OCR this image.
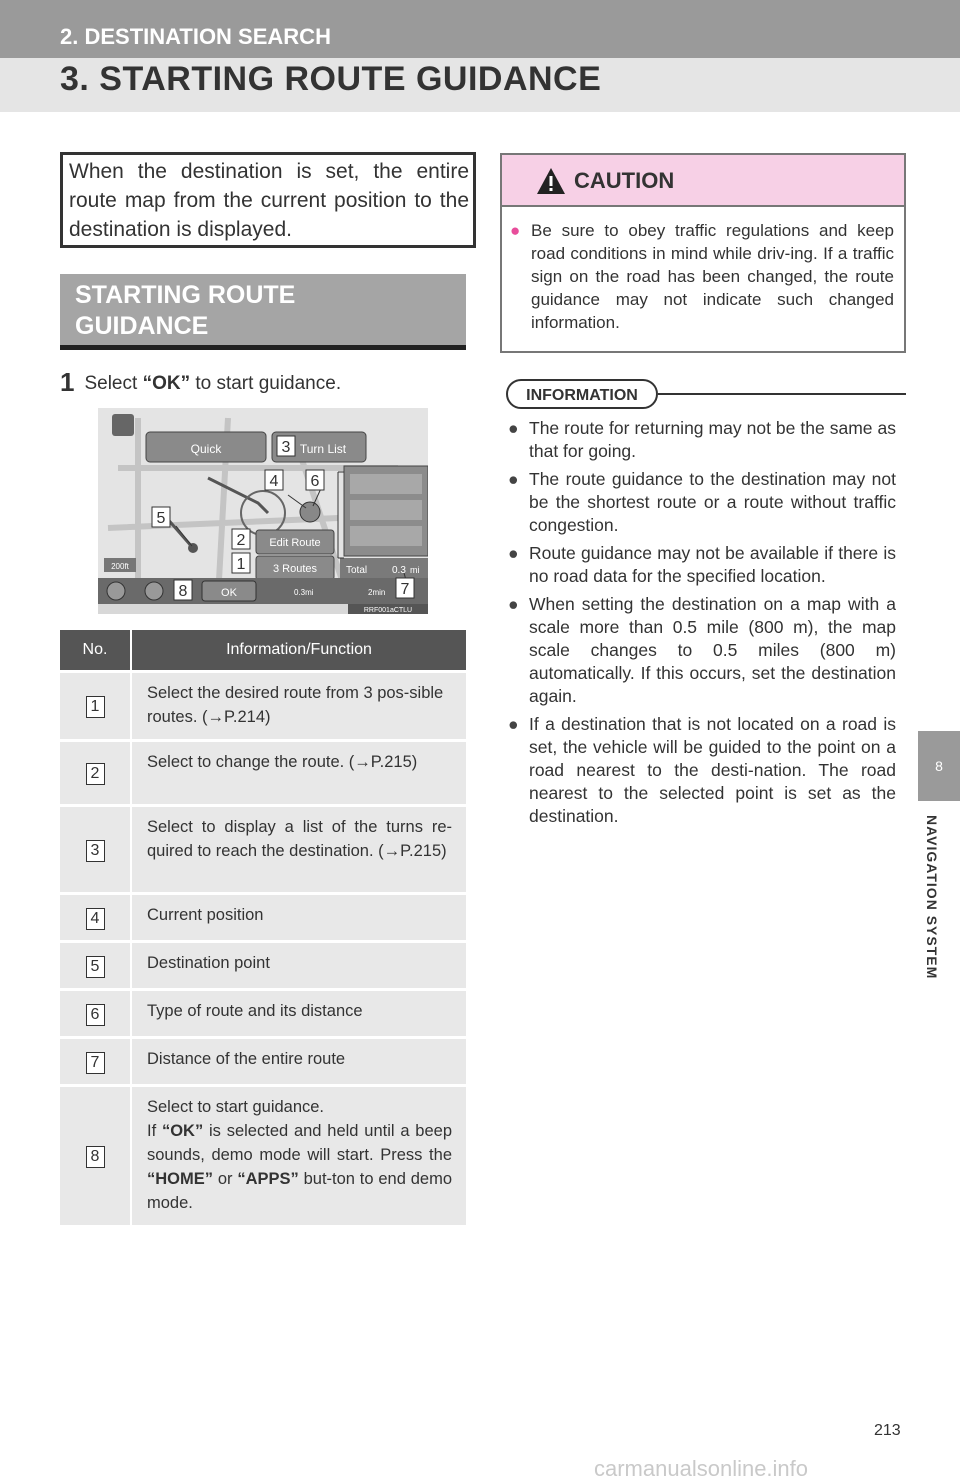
2. DESTINATION SEARCH
3. STARTING ROUTE GUIDANCE
8
NAVIGATION SYSTEM
When the destination is set, the entire route map from the current position to the destination is displayed.
STARTING ROUTE GUIDANCE
1 Select “OK” to start guidance.
Quick	Turn List
Edit Route
3 Routes	Total 0.3 mi
200ft
OK	0.3mi	2min
RRF001aCTLU
3
4 6
5
2
1
8	7
No.	Information/Function
1	Select the desired route from 3 pos-sible routes. (→P.214)
2	Select to change the route. (→P.215)
3	Select to display a list of the turns re-quired to reach the destination. (→P.215)
4	Current position
5	Destination point
6	Type of route and its distance
7	Distance of the entire route
8	Select to start guidance.
If “OK” is selected and held until a beep sounds, demo mode will start. Press the “HOME” or “APPS” but-ton to end demo mode.
CAUTION
● Be sure to obey traffic regulations and keep road conditions in mind while driv-ing. If a traffic sign on the road has been changed, the route guidance may not indicate such changed information.
INFORMATION
● The route for returning may not be the same as that for going.
● The route guidance to the destination may not be the shortest route or a route without traffic congestion.
● Route guidance may not be available if there is no road data for the specified location.
● When setting the destination on a map with a scale more than 0.5 mile (800 m), the map scale changes to 0.5 miles (800 m) automatically. If this occurs, set the destination again.
● If a destination that is not located on a road is set, the vehicle will be guided to the point on a road nearest to the desti-nation. The road nearest to the selected point is set as the destination.
213
carmanualsonline.info
